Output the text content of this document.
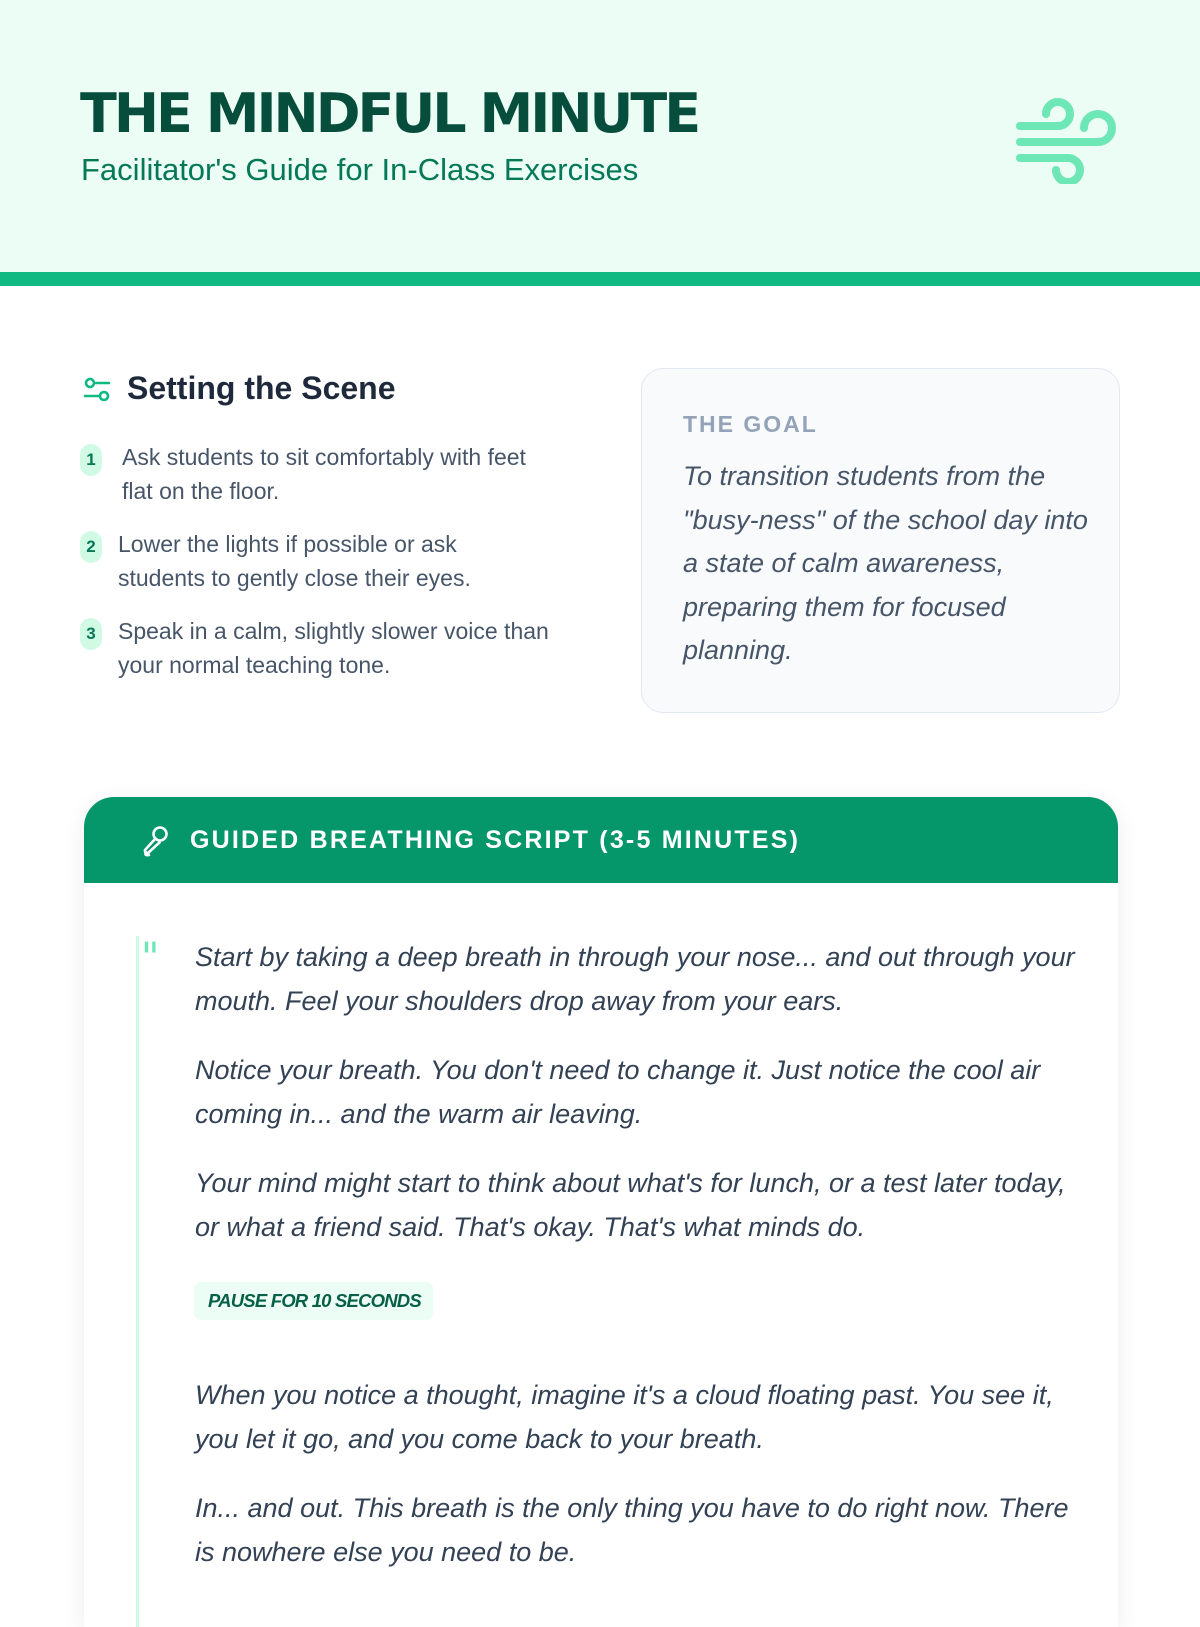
THE MINDFUL MINUTE
Facilitator's Guide for In-Class Exercises
Setting the Scene
1 Ask students to sit comfortably with feet flat on the floor.
2 Lower the lights if possible or ask students to gently close their eyes.
3 Speak in a calm, slightly slower voice than your normal teaching tone.
THE GOAL
To transition students from the "busy-ness" of the school day into a state of calm awareness, preparing them for focused planning.
GUIDED BREATHING SCRIPT (3-5 MINUTES)
" Start by taking a deep breath in through your nose... and out through your mouth. Feel your shoulders drop away from your ears.
Notice your breath. You don't need to change it. Just notice the cool air coming in... and the warm air leaving.
Your mind might start to think about what's for lunch, or a test later today, or what a friend said. That's okay. That's what minds do.
PAUSE FOR 10 SECONDS
When you notice a thought, imagine it's a cloud floating past. You see it, you let it go, and you come back to your breath.
In... and out. This breath is the only thing you have to do right now. There is nowhere else you need to be.
